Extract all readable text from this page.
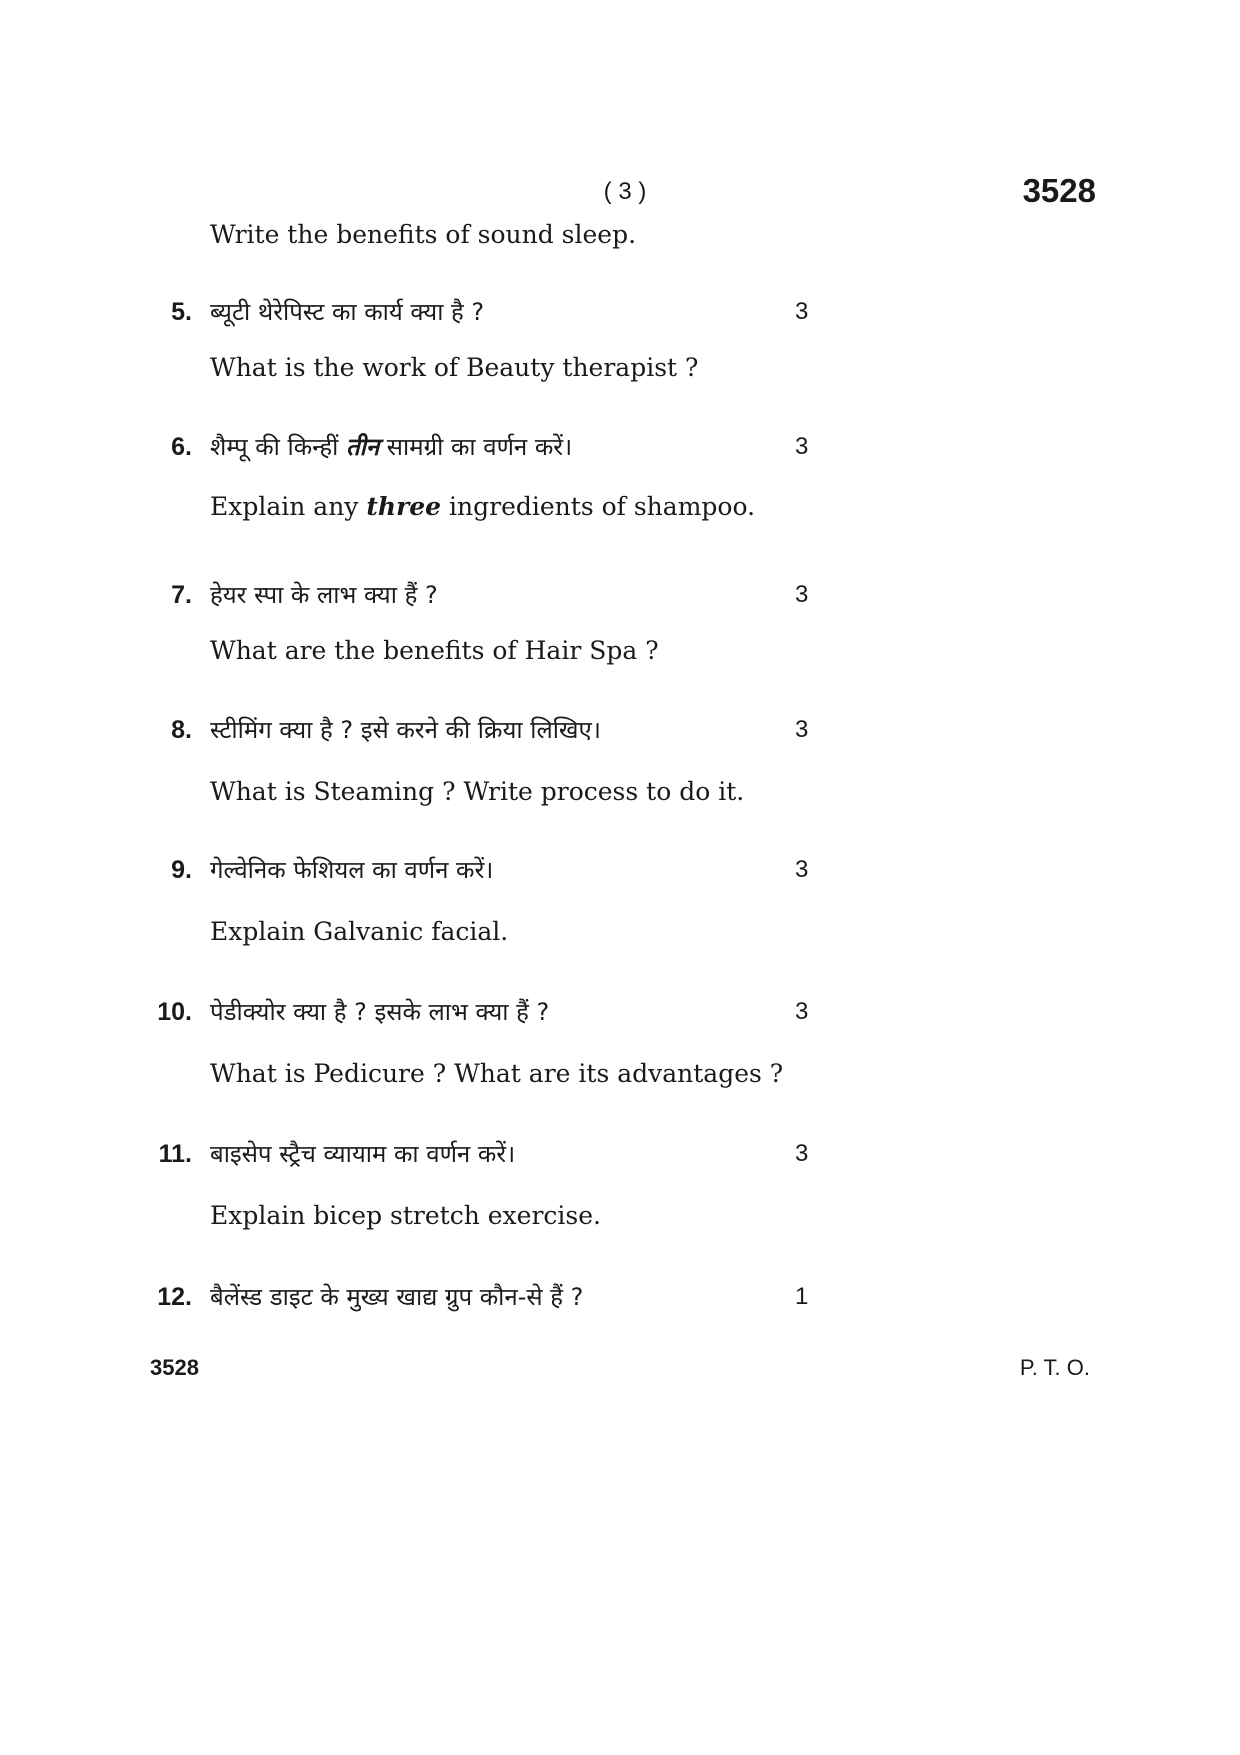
( 3 )	3528
Write the benefits of sound sleep.
5. ब्यूटी थेरेपिस्ट का कार्य क्या है ?	3
What is the work of Beauty therapist ?
6. शैम्पू की किन्हीं तीन सामग्री का वर्णन करें।	3
Explain any three ingredients of shampoo.
7. हेयर स्पा के लाभ क्या हैं ?	3
What are the benefits of Hair Spa ?
8. स्टीमिंग क्या है ? इसे करने की क्रिया लिखिए।	3
What is Steaming ? Write process to do it.
9. गेल्वेनिक फेशियल का वर्णन करें।	3
Explain Galvanic facial.
10. पेडीक्योर क्या है ? इसके लाभ क्या हैं ?	3
What is Pedicure ? What are its advantages ?
11. बाइसेप स्ट्रैच व्यायाम का वर्णन करें।	3
Explain bicep stretch exercise.
12. बैलेंस्ड डाइट के मुख्य खाद्य ग्रुप कौन-से हैं ?	1
3528	P. T. O.
